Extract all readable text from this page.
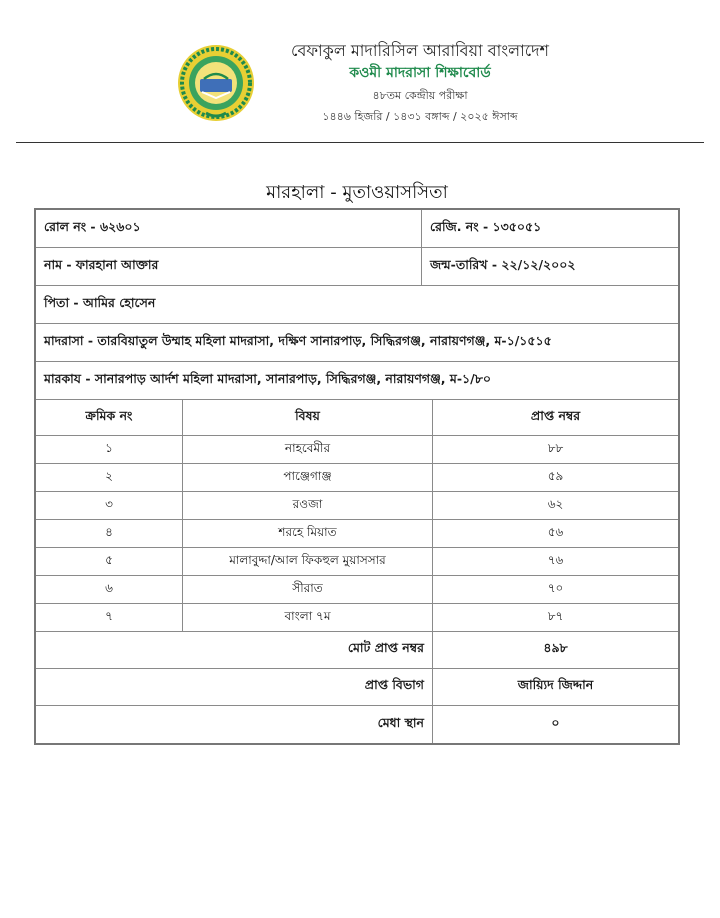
বেফাকুল মাদারিসিল আরাবিয়া বাংলাদেশ
কওমী মাদরাসা শিক্ষাবোর্ড
৪৮তম কেন্দ্রীয় পরীক্ষা
১৪৪৬ হিজরি / ১৪৩১ বঙ্গাব্দ / ২০২৫ ঈসাব্দ
মারহালা - মুতাওয়াসসিতা
রোল নং - ৬২৬০১	রেজি. নং - ১৩৫০৫১
নাম - ফারহানা আক্তার	জন্ম-তারিখ - ২২/১২/২০০২
পিতা - আমির হোসেন
মাদরাসা - তারবিয়াতুল উম্মাহ মহিলা মাদরাসা, দক্ষিণ সানারপাড়, সিদ্ধিরগঞ্জ, নারায়ণগঞ্জ, ম-১/১৫১৫
মারকায - সানারপাড় আর্দশ মহিলা মাদরাসা, সানারপাড়, সিদ্ধিরগঞ্জ, নারায়ণগঞ্জ, ম-১/৮০
ক্রমিক নং	বিষয়	প্রাপ্ত নম্বর
১	নাহবেমীর	৮৮
২	পাঞ্জেগাঞ্জ	৫৯
৩	রওজা	৬২
৪	শরহে মিয়াত	৫৬
৫	মালাবুদ্দা/আল ফিকহুল মুয়াসসার	৭৬
৬	সীরাত	৭০
৭	বাংলা ৭ম	৮৭
মোট প্রাপ্ত নম্বর	৪৯৮
প্রাপ্ত বিভাগ	জায়্যিদ জিদ্দান
মেধা স্থান	০
